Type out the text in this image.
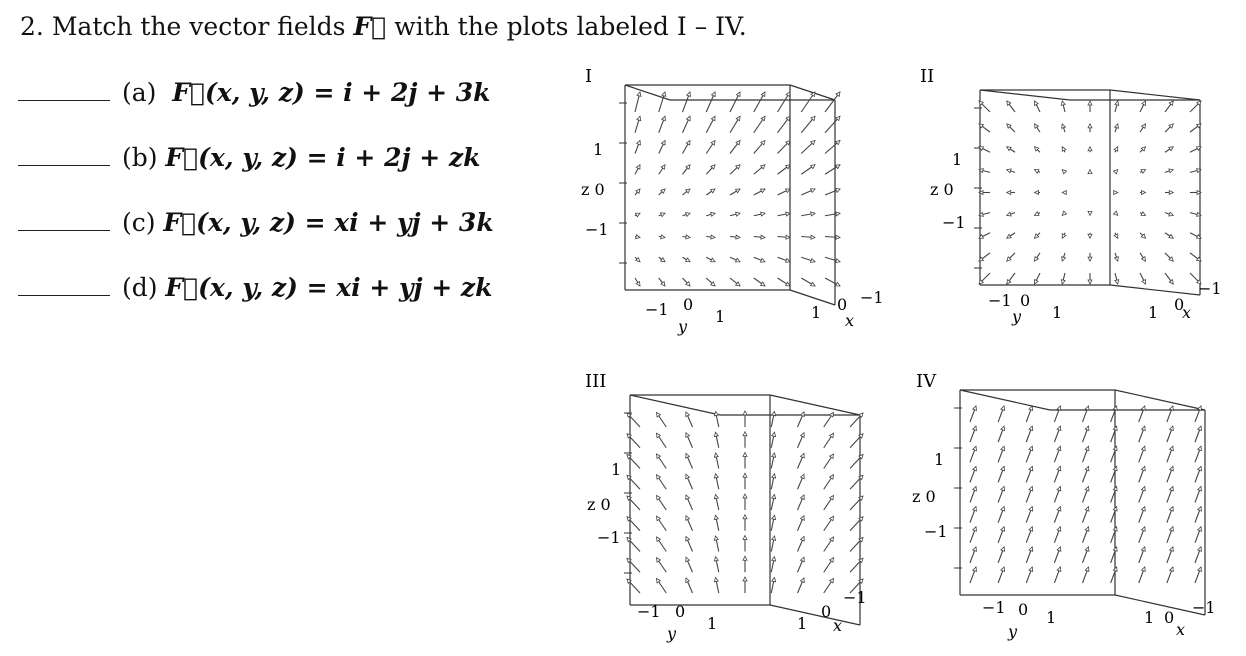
2. Match the vector fields F⃗ with the plots labeled I – IV.
(a) F⃗(x, y, z) = i + 2j + 3k
(b) F⃗(x, y, z) = i + 2j + zk
(c) F⃗(x, y, z) = xi + yj + 3k
(d) F⃗(x, y, z) = xi + yj + zk
I
1
z 0
−1
−1 0
1
y
1 0 −1
x
II
1
z 0
−1
−1 0
1
y	1 0
−1
x
III
1
z 0
−1
−1 0
1
y
1
0
−1
x
IV
1
z 0
−1
−1 0 1
y
1 0
−1
x
